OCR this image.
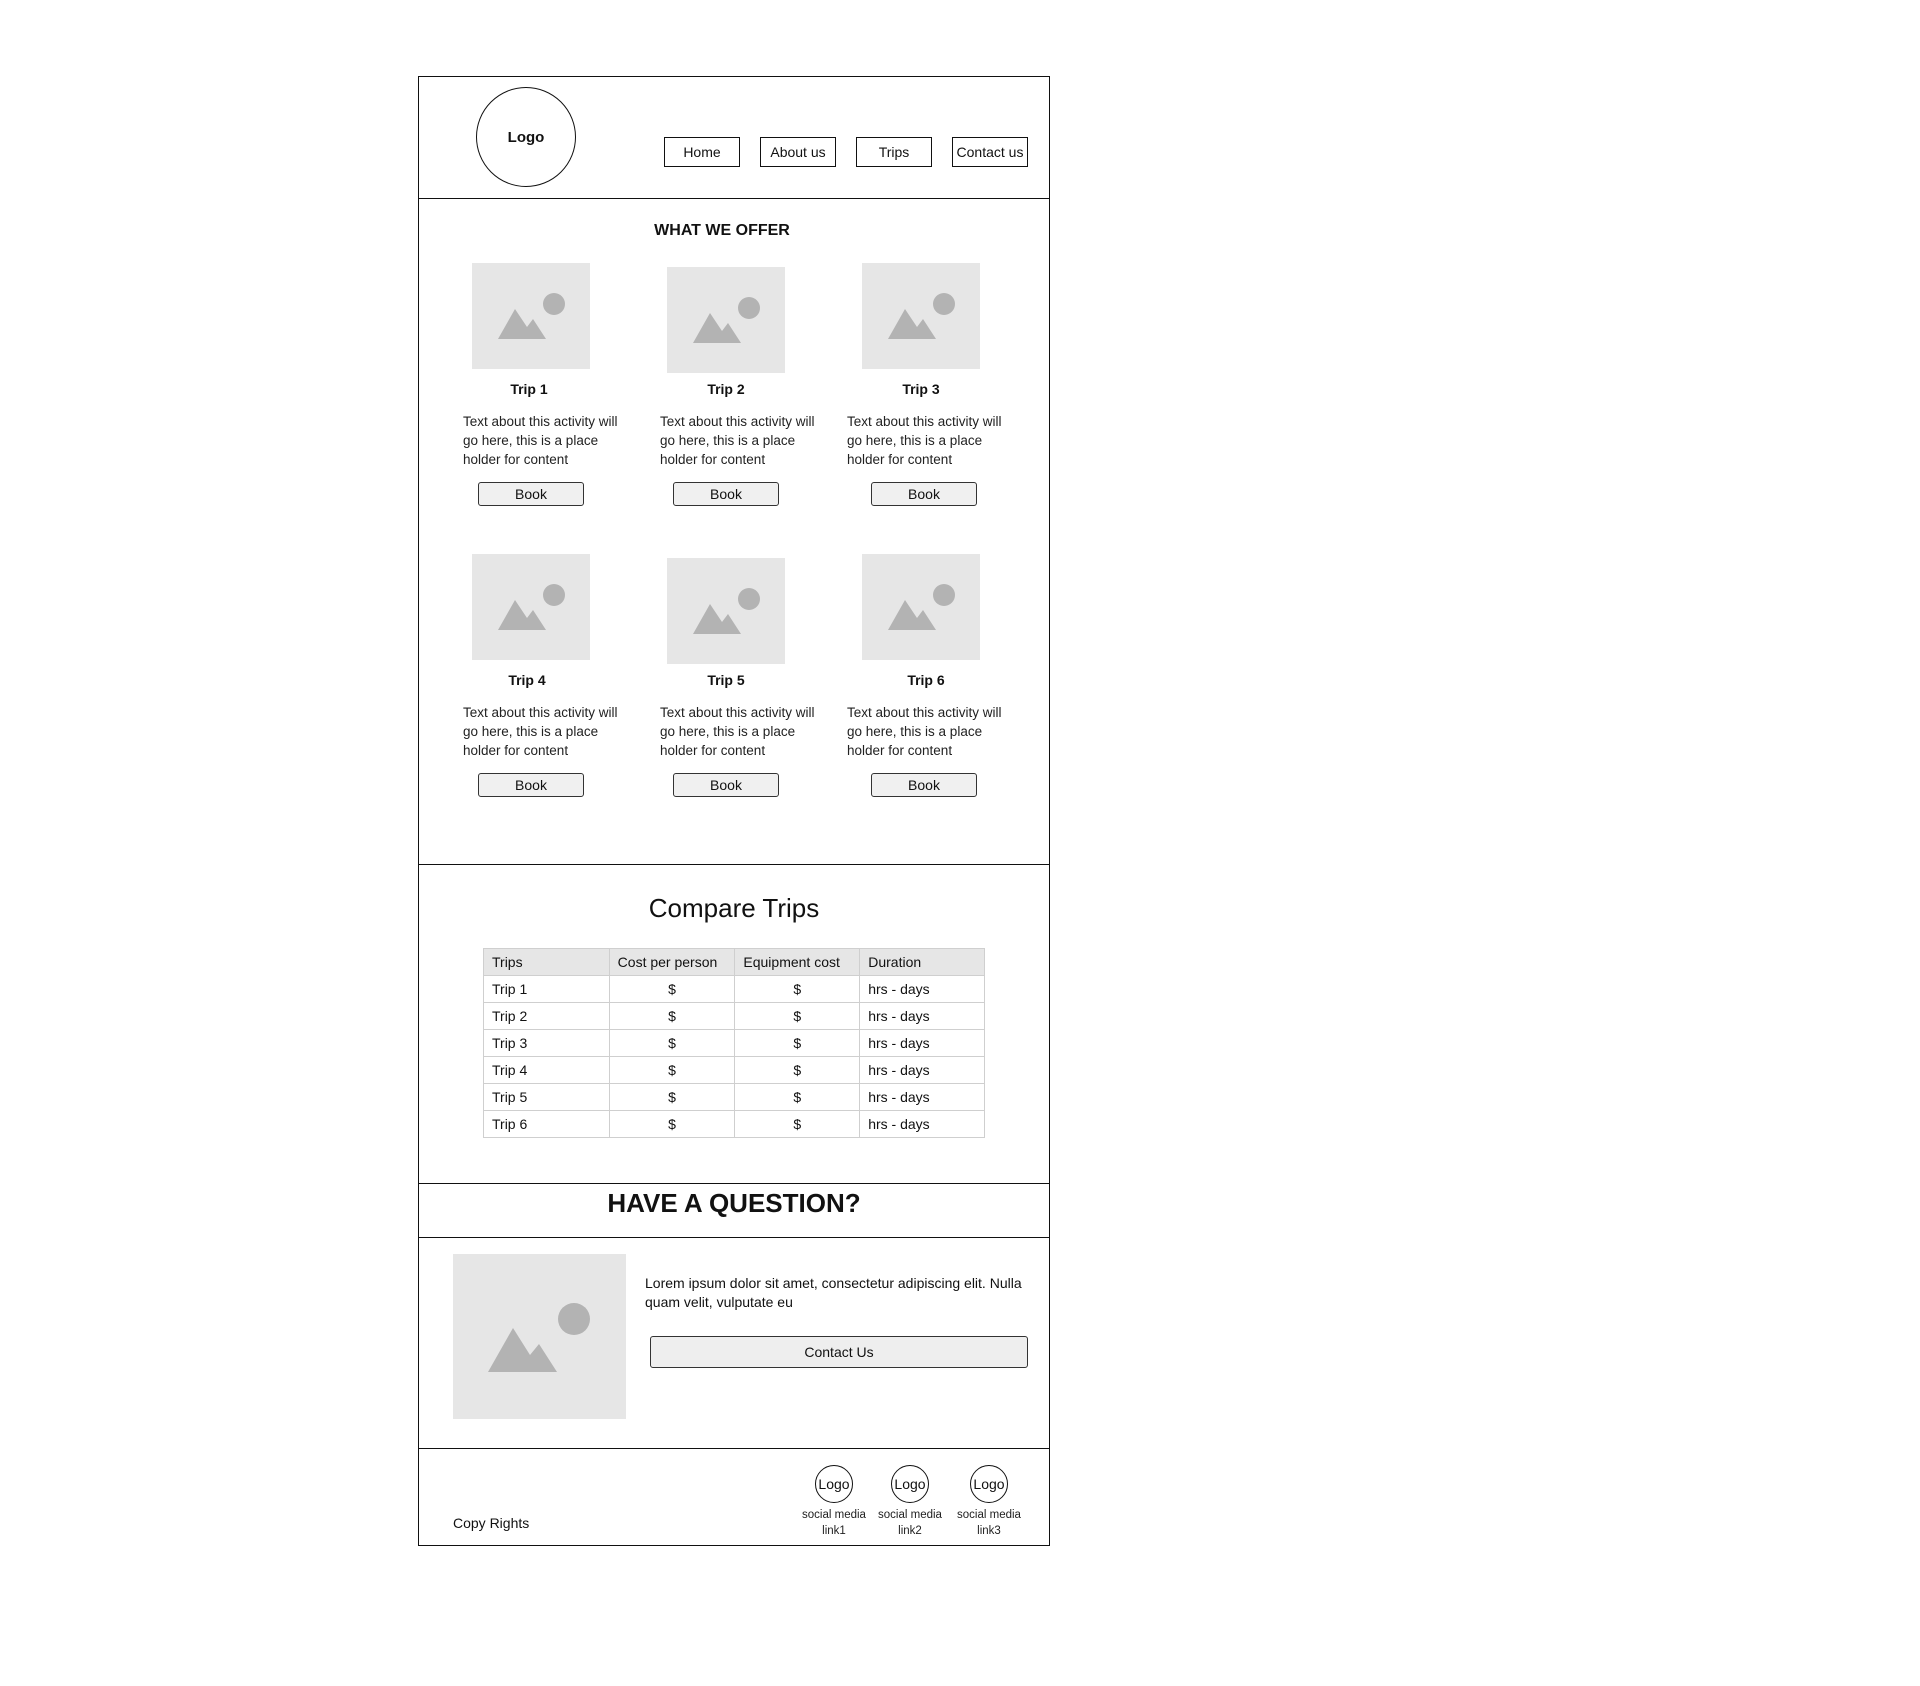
Logo
Home	About us	Trips	Contact us
WHAT WE OFFER
Trip 1
Text about this activity will go here, this is a place holder for content
Book
Trip 2
Text about this activity will go here, this is a place holder for content
Book
Trip 3
Text about this activity will go here, this is a place holder for content
Book
Trip 4
Text about this activity will go here, this is a place holder for content
Book
Trip 5
Text about this activity will go here, this is a place holder for content
Book
Trip 6
Text about this activity will go here, this is a place holder for content
Book
Compare Trips
Trips	Cost per person	Equipment cost	Duration
Trip 1	$	$	hrs - days
Trip 2	$	$	hrs - days
Trip 3	$	$	hrs - days
Trip 4	$	$	hrs - days
Trip 5	$	$	hrs - days
Trip 6	$	$	hrs - days
HAVE A QUESTION?
Lorem ipsum dolor sit amet, consectetur adipiscing elit. Nulla quam velit, vulputate eu
Contact Us
Copy Rights
Logo
social media link1
Logo
social media link2
Logo
social media link3
